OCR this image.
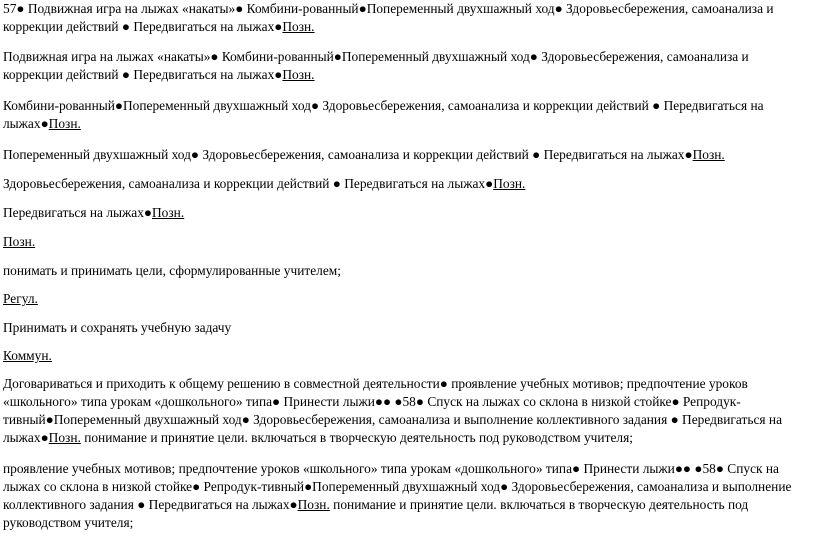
57● Подвижная игра на лыжах «накаты»● Комбини-рованный●Попеременный двухшажный ход● Здоровьесбережения, самоанализа и коррекции действий ● Передвигаться на лыжах●Позн.

Подвижная игра на лыжах «накаты»● Комбини-рованный●Попеременный двухшажный ход● Здоровьесбережения, самоанализа и коррекции действий ● Передвигаться на лыжах●Позн.

Комбини-рованный●Попеременный двухшажный ход● Здоровьесбережения, самоанализа и коррекции действий ● Передвигаться на лыжах●Позн.

Попеременный двухшажный ход● Здоровьесбережения, самоанализа и коррекции действий ● Передвигаться на лыжах●Позн.

Здоровьесбережения, самоанализа и коррекции действий ● Передвигаться на лыжах●Позн.

Передвигаться на лыжах●Позн.

Позн.

понимать и принимать цели, сформулированные учителем;

Регул.

Принимать и сохранять учебную задачу

Коммун.

Договариваться и приходить к общему решению в совместной деятельности● проявление учебных мотивов; предпочтение уроков «школьного» типа урокам «дошкольного» типа● Принести лыжи●● ●58● Спуск на лыжах со склона в низкой стойке● Репродук-тивный●Попеременный двухшажный ход● Здоровьесбережения, самоанализа и выполнение коллективного задания ● Передвигаться на лыжах●Позн. понимание и принятие цели. включаться в творческую деятельность под руководством учителя;

проявление учебных мотивов; предпочтение уроков «школьного» типа урокам «дошкольного» типа● Принести лыжи●● ●58● Спуск на лыжах со склона в низкой стойке● Репродук-тивный●Попеременный двухшажный ход● Здоровьесбережения, самоанализа и выполнение коллективного задания ● Передвигаться на лыжах●Позн. понимание и принятие цели. включаться в творческую деятельность под руководством учителя;
